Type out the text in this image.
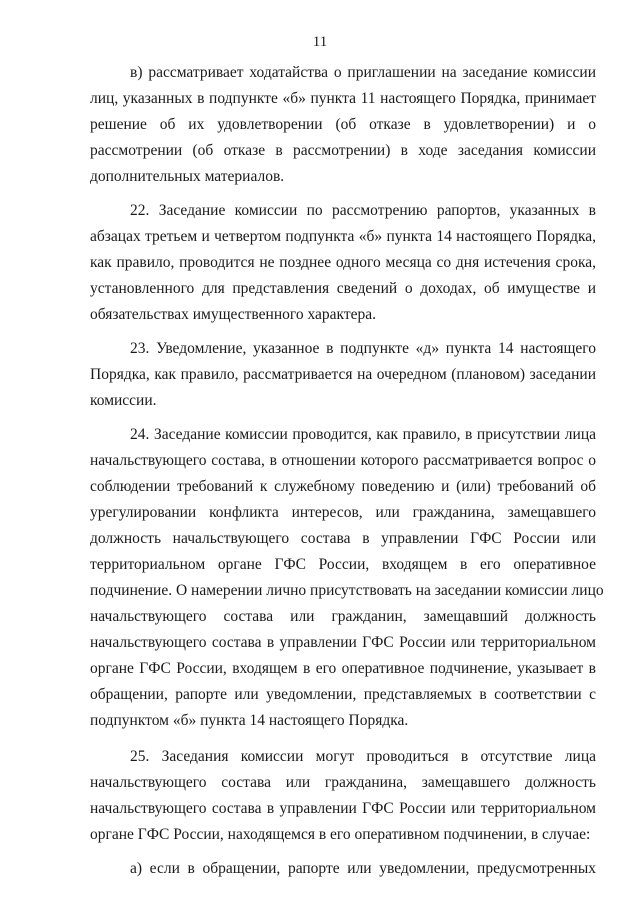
11

в) рассматривает ходатайства о приглашении на заседание комиссии
лиц, указанных в подпункте «б» пункта 11 настоящего Порядка, принимает
решение об их удовлетворении (об отказе в удовлетворении) и о
рассмотрении (об отказе в рассмотрении) в ходе заседания комиссии
дополнительных материалов.

22. Заседание комиссии по рассмотрению рапортов, указанных в
абзацах третьем и четвертом подпункта «б» пункта 14 настоящего Порядка,
как правило, проводится не позднее одного месяца со дня истечения срока,
установленного для представления сведений о доходах, об имуществе и
обязательствах имущественного характера.

23. Уведомление, указанное в подпункте «д» пункта 14 настоящего
Порядка, как правило, рассматривается на очередном (плановом) заседании
комиссии.

24. Заседание комиссии проводится, как правило, в присутствии лица
начальствующего состава, в отношении которого рассматривается вопрос о
соблюдении требований к служебному поведению и (или) требований об
урегулировании конфликта интересов, или гражданина, замещавшего
должность начальствующего состава в управлении ГФС России или
территориальном органе ГФС России, входящем в его оперативное
подчинение. О намерении лично присутствовать на заседании комиссии лицо
начальствующего состава или гражданин, замещавший должность
начальствующего состава в управлении ГФС России или территориальном
органе ГФС России, входящем в его оперативное подчинение, указывает в
обращении, рапорте или уведомлении, представляемых в соответствии с
подпунктом «б» пункта 14 настоящего Порядка.

25. Заседания комиссии могут проводиться в отсутствие лица
начальствующего состава или гражданина, замещавшего должность
начальствующего состава в управлении ГФС России или территориальном
органе ГФС России, находящемся в его оперативном подчинении, в случае:

а) если в обращении, рапорте или уведомлении, предусмотренных
